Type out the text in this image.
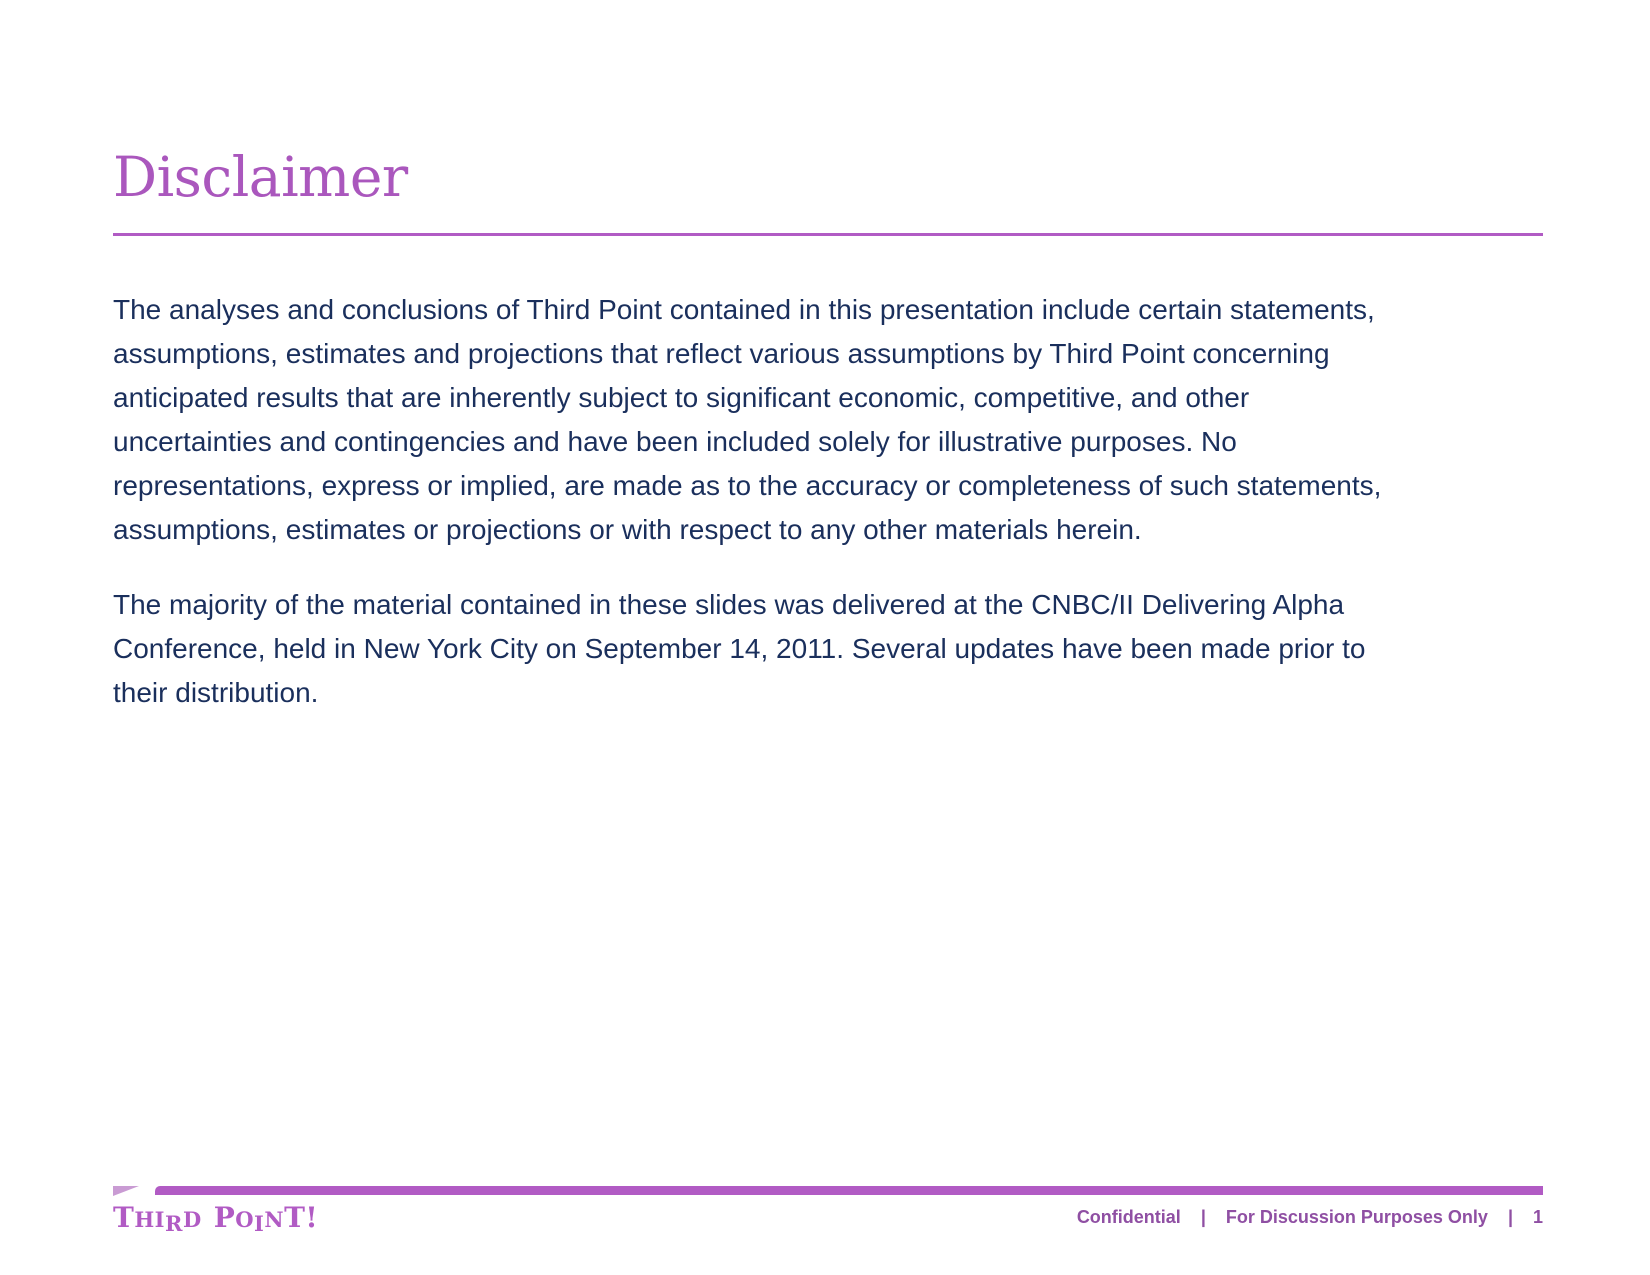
Disclaimer

The analyses and conclusions of Third Point contained in this presentation include certain statements,
assumptions, estimates and projections that reflect various assumptions by Third Point concerning
anticipated results that are inherently subject to significant economic, competitive, and other
uncertainties and contingencies and have been included solely for illustrative purposes. No
representations, express or implied, are made as to the accuracy or completeness of such statements,
assumptions, estimates or projections or with respect to any other materials herein.

The majority of the material contained in these slides was delivered at the CNBC/II Delivering Alpha
Conference, held in New York City on September 14, 2011. Several updates have been made prior to
their distribution.

THIRD POINT!	Confidential | For Discussion Purposes Only | 1
